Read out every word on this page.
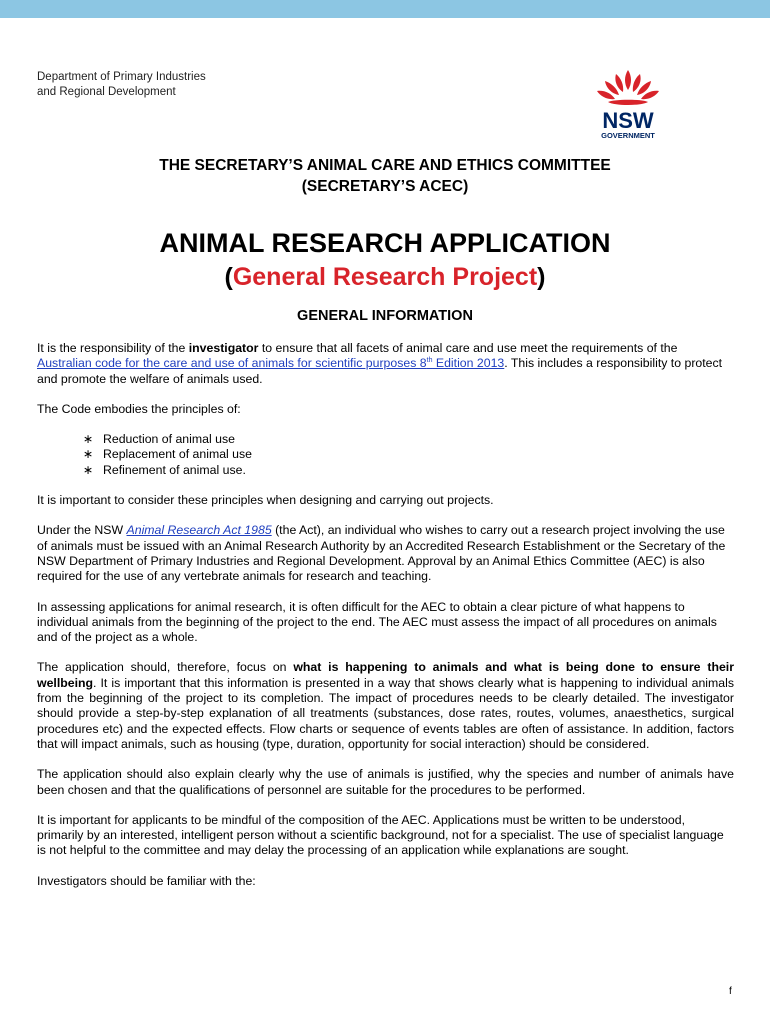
Department of Primary Industries
and Regional Development
NSW
GOVERNMENT
THE SECRETARY’S ANIMAL CARE AND ETHICS COMMITTEE
(SECRETARY’S ACEC)
ANIMAL RESEARCH APPLICATION
(General Research Project)
GENERAL INFORMATION

It is the responsibility of the investigator to ensure that all facets of animal care and use meet the requirements of the Australian code for the care and use of animals for scientific purposes 8th Edition 2013. This includes a responsibility to protect and promote the welfare of animals used.

The Code embodies the principles of:

∗ Reduction of animal use
∗ Replacement of animal use
∗ Refinement of animal use.

It is important to consider these principles when designing and carrying out projects.

Under the NSW Animal Research Act 1985 (the Act), an individual who wishes to carry out a research project involving the use of animals must be issued with an Animal Research Authority by an Accredited Research Establishment or the Secretary of the NSW Department of Primary Industries and Regional Development. Approval by an Animal Ethics Committee (AEC) is also required for the use of any vertebrate animals for research and teaching.

In assessing applications for animal research, it is often difficult for the AEC to obtain a clear picture of what happens to individual animals from the beginning of the project to the end. The AEC must assess the impact of all procedures on animals and of the project as a whole.

The application should, therefore, focus on what is happening to animals and what is being done to ensure their wellbeing. It is important that this information is presented in a way that shows clearly what is happening to individual animals from the beginning of the project to its completion. The impact of procedures needs to be clearly detailed. The investigator should provide a step-by-step explanation of all treatments (substances, dose rates, routes, volumes, anaesthetics, surgical procedures etc) and the expected effects. Flow charts or sequence of events tables are often of assistance. In addition, factors that will impact animals, such as housing (type, duration, opportunity for social interaction) should be considered.

The application should also explain clearly why the use of animals is justified, why the species and number of animals have been chosen and that the qualifications of personnel are suitable for the procedures to be performed.

It is important for applicants to be mindful of the composition of the AEC. Applications must be written to be understood, primarily by an interested, intelligent person without a scientific background, not for a specialist. The use of specialist language is not helpful to the committee and may delay the processing of an application while explanations are sought.

Investigators should be familiar with the:

f
